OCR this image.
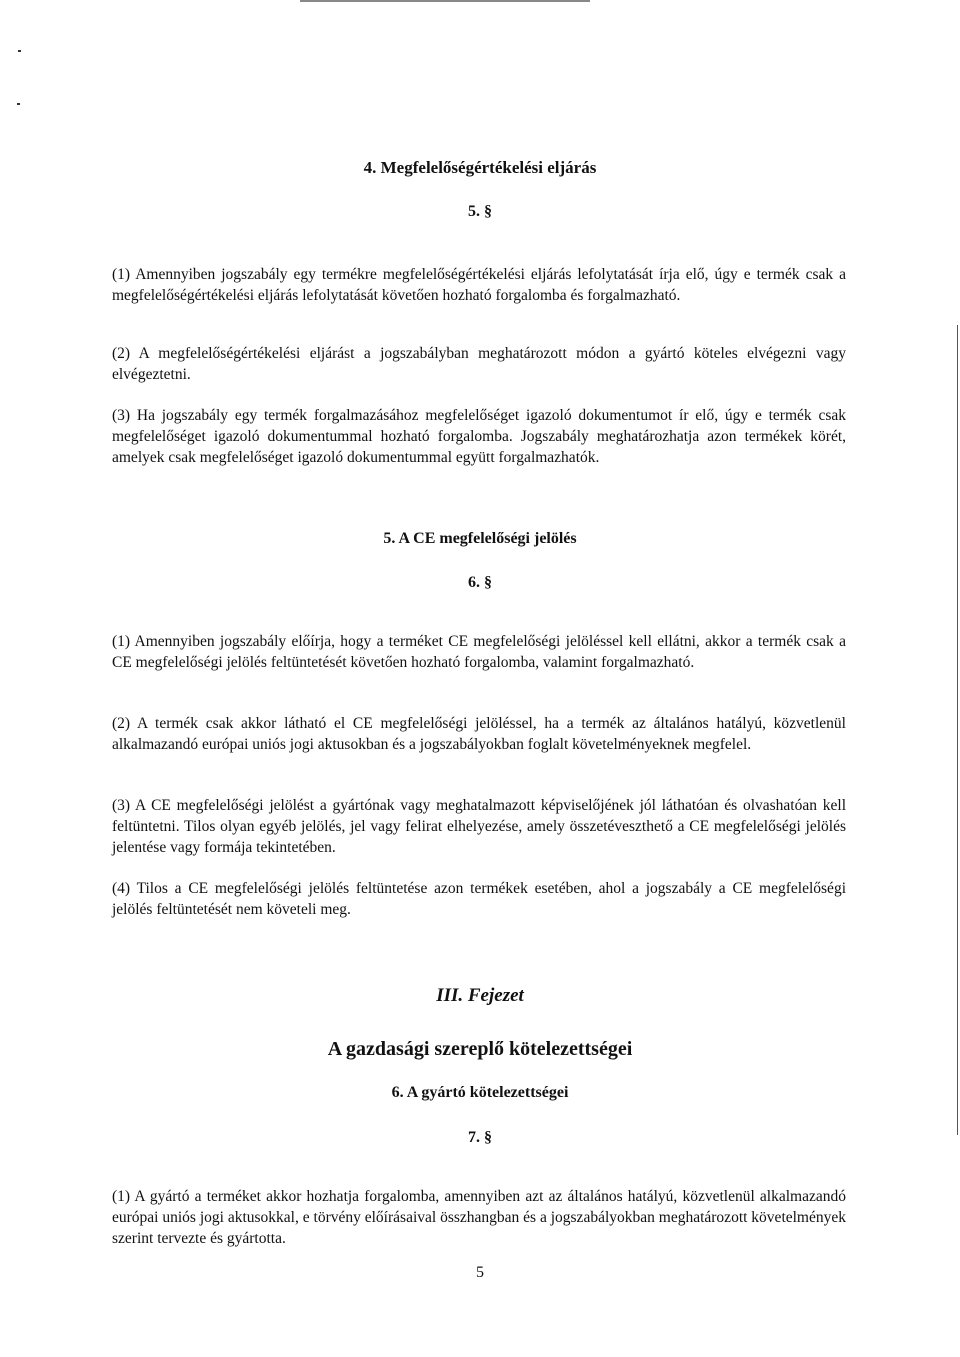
4. Megfelelőségértékelési eljárás

5. §

(1) Amennyiben jogszabály egy termékre megfelelőségértékelési eljárás lefolytatását írja elő, úgy e termék csak a megfelelőségértékelési eljárás lefolytatását követően hozható forgalomba és forgalmazható.

(2) A megfelelőségértékelési eljárást a jogszabályban meghatározott módon a gyártó köteles elvégezni vagy elvégeztetni.

(3) Ha jogszabály egy termék forgalmazásához megfelelőséget igazoló dokumentumot ír elő, úgy e termék csak megfelelőséget igazoló dokumentummal hozható forgalomba. Jogszabály meghatározhatja azon termékek körét, amelyek csak megfelelőséget igazoló dokumentummal együtt forgalmazhatók.

5. A CE megfelelőségi jelölés

6. §

(1) Amennyiben jogszabály előírja, hogy a terméket CE megfelelőségi jelöléssel kell ellátni, akkor a termék csak a CE megfelelőségi jelölés feltüntetését követően hozható forgalomba, valamint forgalmazható.

(2) A termék csak akkor látható el CE megfelelőségi jelöléssel, ha a termék az általános hatályú, közvetlenül alkalmazandó európai uniós jogi aktusokban és a jogszabályokban foglalt követelményeknek megfelel.

(3) A CE megfelelőségi jelölést a gyártónak vagy meghatalmazott képviselőjének jól láthatóan és olvashatóan kell feltüntetni. Tilos olyan egyéb jelölés, jel vagy felirat elhelyezése, amely összetéveszthető a CE megfelelőségi jelölés jelentése vagy formája tekintetében.

(4) Tilos a CE megfelelőségi jelölés feltüntetése azon termékek esetében, ahol a jogszabály a CE megfelelőségi jelölés feltüntetését nem követeli meg.

III. Fejezet

A gazdasági szereplő kötelezettségei

6. A gyártó kötelezettségei

7. §

(1) A gyártó a terméket akkor hozhatja forgalomba, amennyiben azt az általános hatályú, közvetlenül alkalmazandó európai uniós jogi aktusokkal, e törvény előírásaival összhangban és a jogszabályokban meghatározott követelmények szerint tervezte és gyártotta.

5
